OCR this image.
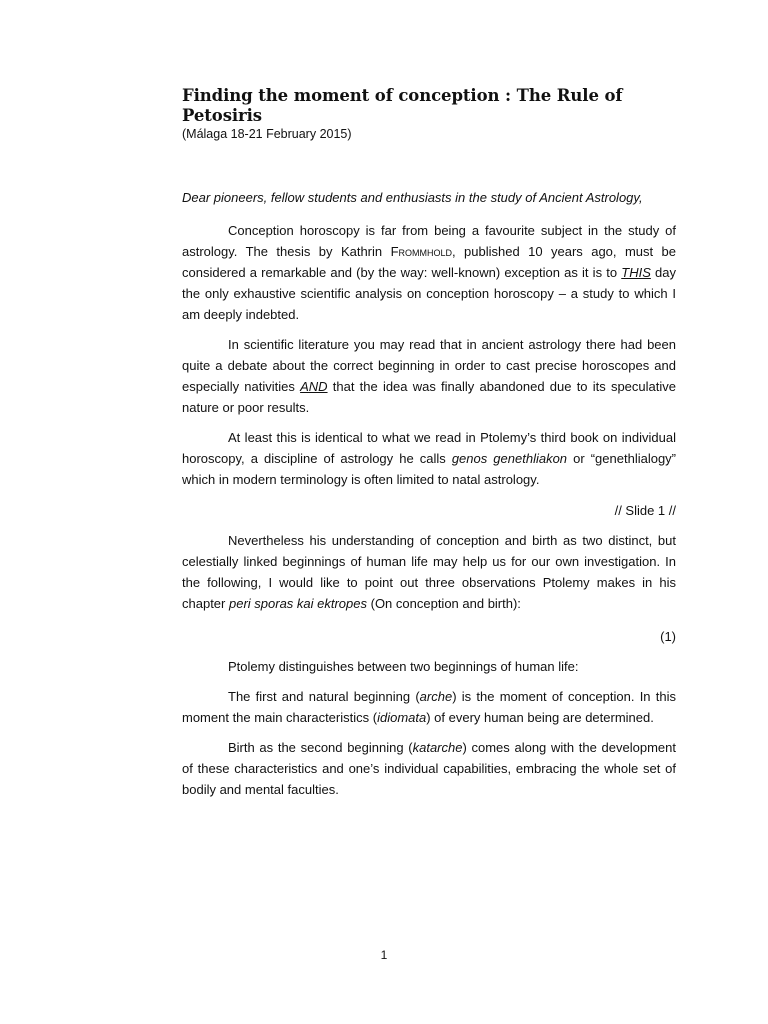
Finding the moment of conception : The Rule of Petosiris
(Málaga 18-21 February 2015)
Dear pioneers, fellow students and enthusiasts in the study of Ancient Astrology,

Conception horoscopy is far from being a favourite subject in the study of astrology. The thesis by Kathrin Frommhold, published 10 years ago, must be considered a remarkable and (by the way: well-known) exception as it is to THIS day the only exhaustive scientific analysis on conception horoscopy – a study to which I am deeply indebted.

In scientific literature you may read that in ancient astrology there had been quite a debate about the correct beginning in order to cast precise horoscopes and especially nativities AND that the idea was finally abandoned due to its speculative nature or poor results.

At least this is identical to what we read in Ptolemy’s third book on individual horoscopy, a discipline of astrology he calls genos genethliakon or “genethlialogy” which in modern terminology is often limited to natal astrology.

// Slide 1 //

Nevertheless his understanding of conception and birth as two distinct, but celestially linked beginnings of human life may help us for our own investigation. In the following, I would like to point out three observations Ptolemy makes in his chapter peri sporas kai ektropes (On conception and birth):

(1)

Ptolemy distinguishes between two beginnings of human life:

The first and natural beginning (arche) is the moment of conception. In this moment the main characteristics (idiomata) of every human being are determined.

Birth as the second beginning (katarche) comes along with the development of these characteristics and one’s individual capabilities, embracing the whole set of bodily and mental faculties.

1
